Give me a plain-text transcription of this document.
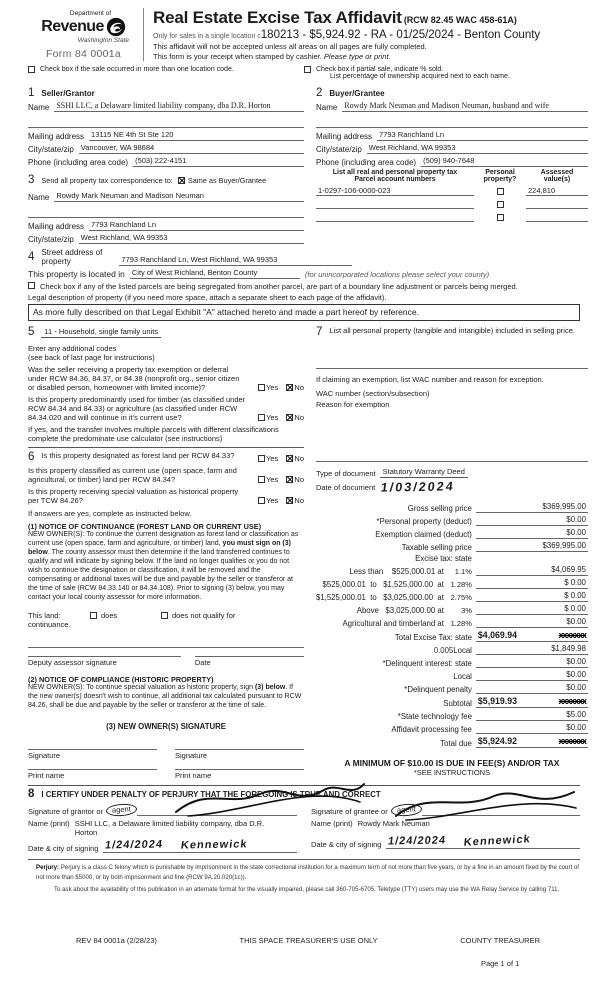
Department of
Revenue
Washington State
Form 84 0001a
Real Estate Excise Tax Affidavit (RCW 82.45 WAC 458-61A)
Only for sales in a single location c180213 - $5,924.92 - RA - 01/25/2024 - Benton County
This affidavit will not be accepted unless all areas on all pages are fully completed.
This form is your receipt when stamped by cashier. Please type or print.
Check box if the sale occurred in more than one location code.	Check box if partial sale, indicate % sold.
List percentage of ownership acquired next to each name.
1 Seller/Grantor
Name SSHI LLC, a Delaware limited liability company, dba D.R. Horton
Mailing address 13115 NE 4th St Ste 120
City/state/zip Vancouver, WA 98684
Phone (including area code) (503) 222-4151
3 Send all property tax correspondence to: Same as Buyer/Grantee
Name Rowdy Mark Neuman and Madison Neuman
Mailing address 7793 Ranchland Ln
City/state/zip West Richland, WA 99353
2 Buyer/Grantee
Name Rowdy Mark Neuman and Madison Neuman, husband and wife
Mailing address 7793 Ranchland Ln
City/state/zip West Richland, WA 99353
Phone (including area code) (509) 940-7648
List all real and personal property tax
Parcel account numbers
Personal
property?
Assessed
value(s)
1-0297-106-0000-023	224,810
4 Street address of
property	7793 Ranchland Ln, West Richland, WA 99353
This property is located in City of West Richland, Benton County	(for unincorporated locations please select your county)
Check box if any of the listed parcels are being segregated from another parcel, are part of a boundary line adjustment or parcels being merged.
Legal description of property (if you need more space, attach a separate sheet to each page of the affidavit).
As more fully described on that Legal Exhibit "A" attached hereto and made a part hereof by reference.
5	11 - Household, single family units
Enter any additional codes
(see back of last page for instructions)
Was the seller receiving a property tax exemption or deferral under RCW 84.36, 84.37, or 84.38 (nonprofit org., senior citizen or disabled person, homeowner with limited income)?	Yes No
Is this property predominantly used for timber (as classified under RCW 84.34 and 84.33) or agriculture (as classified under RCW 84.34.020 and will continue in it's current use?	Yes No
If yes, and the transfer involves multiple parcels with different classifications complete the predominate use calculator (see instructions)
6 Is this property designated as forest land per RCW 84.33?	Yes No
Is this property classified as current use (open space, farm and agricultural, or timber) land per RCW 84.34?	Yes No
Is this property receiving special valuation as historical property per TCW 84.26?	Yes No
If answers are yes, complete as instructed below.
(1) NOTICE OF CONTINUANCE (FOREST LAND OR CURRENT USE)
NEW OWNER(S): To continue the current designation as forest land or classification as current use (open space, farm and agriculture, or timber) land, you must sign on (3) below. The county assessor must then determine if the land transferred continues to qualify and will indicate by signing below. If the land no longer qualifies or you do not wish to continue the designation or classification, it will be removed and the compensating or additional taxes will be due and payable by the seller or transferor at the time of sale (RCW 84.33.140 or 84.34.108). Prior to signing (3) below, you may contact your local county assessor for more information.
This land:
continuance.
does	does not qualify for
Deputy assessor signature	Date
(2) NOTICE OF COMPLIANCE (HISTORIC PROPERTY)
NEW OWNER(S): To continue special valuation as historic property, sign (3) below. If the new owner(s) doesn't wish to continue, all additional tax calculated pursuant to RCW 84.26, shall be due and payable by the seller or transferor at the time of sale.
(3) NEW OWNER(S) SIGNATURE
Signature	Signature
Print name	Print name
7 List all personal property (tangible and intangible) included in selling price.
If claiming an exemption, list WAC number and reason for exception.
WAC number (section/subsection)
Reason for exemption
Type of document Statutory Warranty Deed
Date of document 1/03/2024
Gross selling price	$369,995.00
*Personal property (deduct)	$0.00
Exemption claimed (deduct)	$0.00
Taxable selling price	$369,995.00
Excise tax: state
Less than    $525,000.01 at	1.1%	$4,069.95
$525,000.01  to   $1,525,000.00  at 1.28%	$ 0.00
$1,525,000.01  to   $3,025,000.00  at 2.75%	$ 0.00
Above   $3,025,000.00 at	3%	$ 0.00
Agricultural and timberland at 1.28%	$0.00
Total Excise Tax: state $4,069.94	xxxxxxx
0.005Local	$1,849.98
*Delinquent interest: state	$0.00
Local	$0.00
*Delinquent penalty	$0.00
Subtotal $5,919.93	xxxxxxx
*State technology fee	$5.00
Affidavit processing fee	$0.00
Total due $5,924.92	xxxxxxx
A MINIMUM OF $10.00 IS DUE IN FEE(S) AND/OR TAX
*SEE INSTRUCTIONS
8 I CERTIFY UNDER PENALTY OF PERJURY THAT THE FOREGOING IS TRUE AND CORRECT
Signature of grantor or	agent
Name (print) SSHI LLC, a Delaware limited liability company, dba D.R. Horton
Date & city of signing 1/24/2024 Kennewick
Signature of grantee or	agent
Name (print) Rowdy Mark Neuman
Date & city of signing 1/24/2024 Kennewick
Perjury: Perjury is a class C felony which is punishable by imprisonment in the state correctional institution for a maximum term of not more than five years, or by a fine in an amount fixed by the court of not more than $5000, or by both imprisonment and fine (RCW 9A.20.020(1c)).
To ask about the availability of this publication in an alternate format for the visually impaired, please call 360-705-6705. Teletype (TTY) users may use the WA Relay Service by calling 711.
REV 84 0001a (2/28/23)	THIS SPACE TREASURER'S USE ONLY	COUNTY TREASURER
Page 1 of 1
